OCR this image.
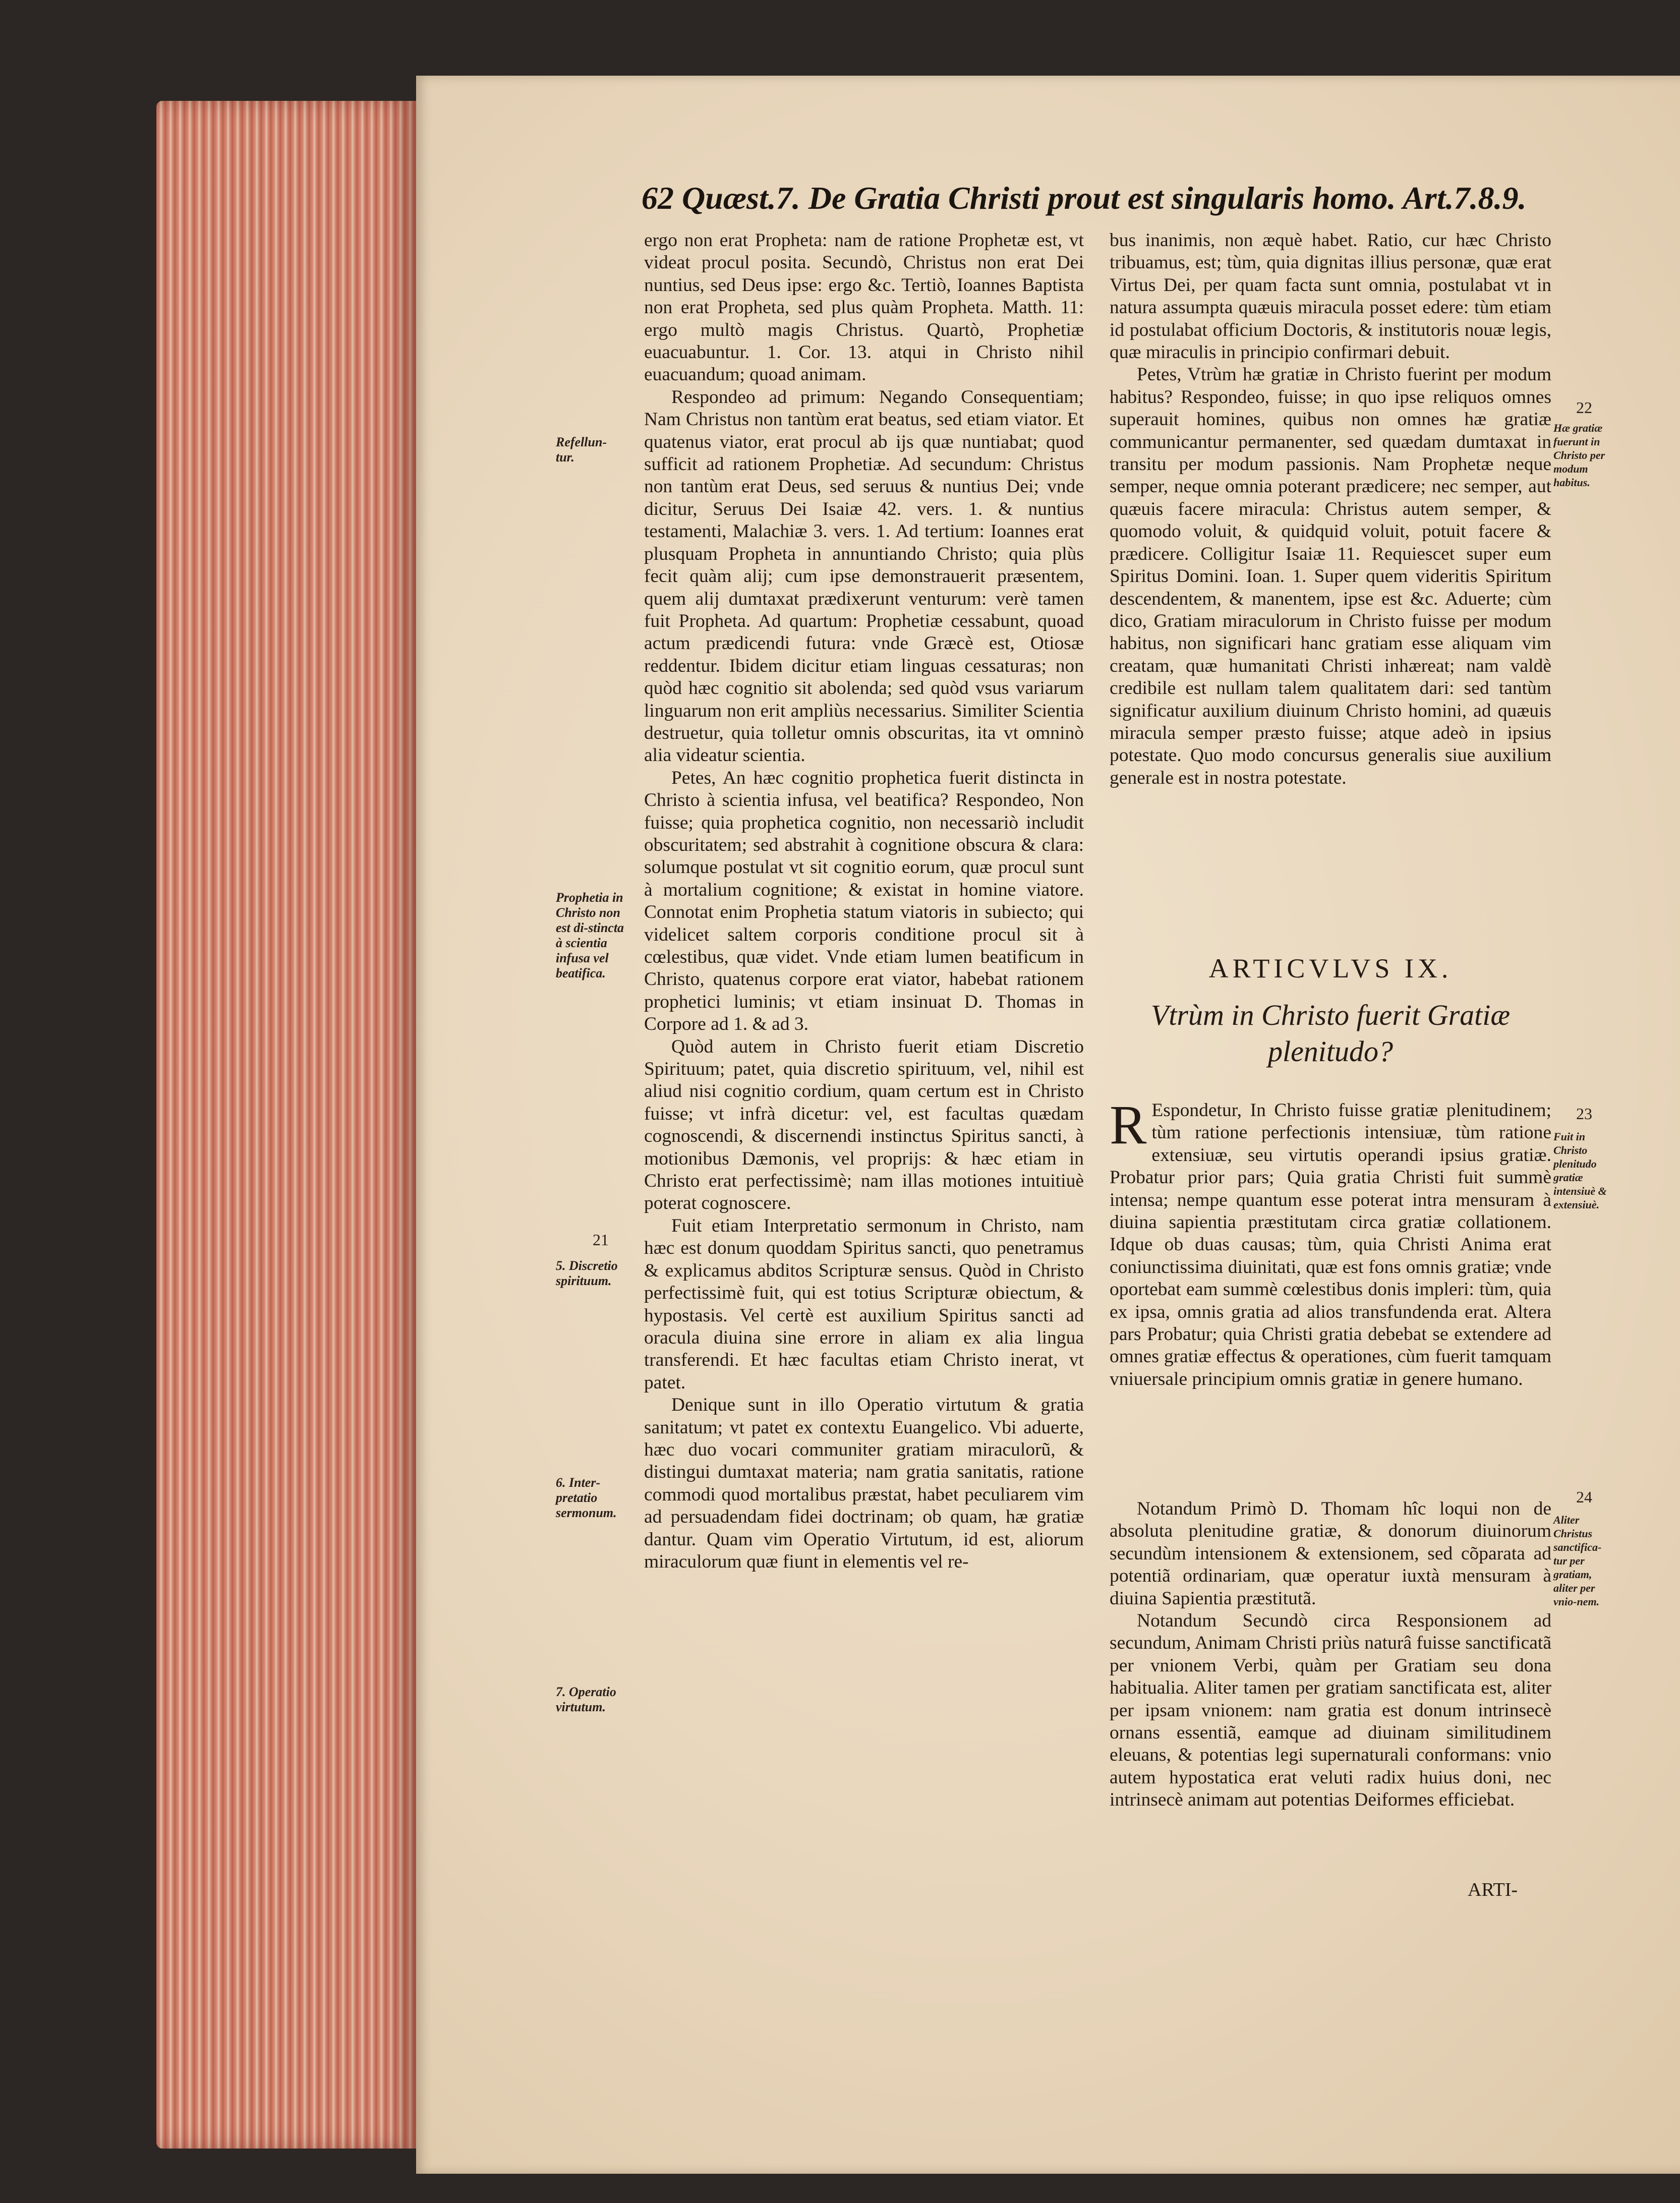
62 Quæst.7. De Gratia Christi prout est singularis homo. Art.7.8.9.

ergo non erat Propheta: nam de ratione Prophetæ est, vt videat procul posita. Secundò, Christus non erat Dei nuntius, sed Deus ipse: ergo &c. Tertiò, Ioannes Baptista non erat Propheta, sed plus quàm Propheta. Matth. 11: ergo multò magis Christus. Quartò, Prophetiæ euacuabuntur. 1. Cor. 13. atqui in Christo nihil euacuandum; quoad animam.

Respondeo ad primum: Negando Consequentiam; Nam Christus non tantùm erat beatus, sed etiam viator. Et quatenus viator, erat procul ab ijs quæ nuntiabat; quod sufficit ad rationem Prophetiæ. Ad secundum: Christus non tantùm erat Deus, sed seruus & nuntius Dei; vnde dicitur, Seruus Dei Isaiæ 42. vers. 1. & nuntius testamenti, Malachiæ 3. vers. 1. Ad tertium: Ioannes erat plusquam Propheta in annuntiando Christo; quia plùs fecit quàm alij; cum ipse demonstrauerit præsentem, quem alij dumtaxat prædixerunt venturum: verè tamen fuit Propheta. Ad quartum: Prophetiæ cessabunt, quoad actum prædicendi futura: vnde Græcè est, Otiosæ reddentur. Ibidem dicitur etiam linguas cessaturas; non quòd hæc cognitio sit abolenda; sed quòd vsus variarum linguarum non erit ampliùs necessarius. Similiter Scientia destruetur, quia tolletur omnis obscuritas, ita vt omninò alia videatur scientia.

Petes, An hæc cognitio prophetica fuerit distincta in Christo à scientia infusa, vel beatifica? Respondeo, Non fuisse; quia prophetica cognitio, non necessariò includit obscuritatem; sed abstrahit à cognitione obscura & clara: solumque postulat vt sit cognitio eorum, quæ procul sunt à mortalium cognitione; & existat in homine viatore. Connotat enim Prophetia statum viatoris in subiecto; qui videlicet saltem corporis conditione procul sit à cœlestibus, quæ videt. Vnde etiam lumen beatificum in Christo, quatenus corpore erat viator, habebat rationem prophetici luminis; vt etiam insinuat D. Thomas in Corpore ad 1. & ad 3.

Quòd autem in Christo fuerit etiam Discretio Spirituum; patet, quia discretio spirituum, vel, nihil est aliud nisi cognitio cordium, quam certum est in Christo fuisse; vt infrà dicetur: vel, est facultas quædam cognoscendi, & discernendi instinctus Spiritus sancti, à motionibus Dæmonis, vel proprijs: & hæc etiam in Christo erat perfectissimè; nam illas motiones intuitiuè poterat cognoscere.

Fuit etiam Interpretatio sermonum in Christo, nam hæc est donum quoddam Spiritus sancti, quo penetramus & explicamus abditos Scripturæ sensus. Quòd in Christo perfectissimè fuit, qui est totius Scripturæ obiectum, & hypostasis. Vel certè est auxilium Spiritus sancti ad oracula diuina sine errore in aliam ex alia lingua transferendi. Et hæc facultas etiam Christo inerat, vt patet.

Denique sunt in illo Operatio virtutum & gratia sanitatum; vt patet ex contextu Euangelico. Vbi aduerte, hæc duo vocari communiter gratiam miraculorũ, & distingui dumtaxat materia; nam gratia sanitatis, ratione commodi quod mortalibus præstat, habet peculiarem vim ad persuadendam fidei doctrinam; ob quam, hæ gratiæ dantur. Quam vim Operatio Virtutum, id est, aliorum miraculorum quæ fiunt in elementis vel re-

bus inanimis, non æquè habet. Ratio, cur hæc Christo tribuamus, est; tùm, quia dignitas illius personæ, quæ erat Virtus Dei, per quam facta sunt omnia, postulabat vt in natura assumpta quæuis miracula posset edere: tùm etiam id postulabat officium Doctoris, & institutoris nouæ legis, quæ miraculis in principio confirmari debuit.

Petes, Vtrùm hæ gratiæ in Christo fuerint per modum habitus? Respondeo, fuisse; in quo ipse reliquos omnes superauit homines, quibus non omnes hæ gratiæ communicantur permanenter, sed quædam dumtaxat in transitu per modum passionis. Nam Prophetæ neque semper, neque omnia poterant prædicere; nec semper, aut quæuis facere miracula: Christus autem semper, & quomodo voluit, & quidquid voluit, potuit facere & prædicere. Colligitur Isaiæ 11. Requiescet super eum Spiritus Domini. Ioan. 1. Super quem videritis Spiritum descendentem, & manentem, ipse est &c. Aduerte; cùm dico, Gratiam miraculorum in Christo fuisse per modum habitus, non significari hanc gratiam esse aliquam vim creatam, quæ humanitati Christi inhæreat; nam valdè credibile est nullam talem qualitatem dari: sed tantùm significatur auxilium diuinum Christo homini, ad quæuis miracula semper præsto fuisse; atque adeò in ipsius potestate. Quo modo concursus generalis siue auxilium generale est in nostra potestate.

ARTICVLVS IX.

Vtrùm in Christo fuerit Gratiæ plenitudo?

R Espondetur, In Christo fuisse gratiæ plenitudinem; tùm ratione perfectionis intensiuæ, tùm ratione extensiuæ, seu virtutis operandi ipsius gratiæ. Probatur prior pars; Quia gratia Christi fuit summè intensa; nempe quantum esse poterat intra mensuram à diuina sapientia præstitutam circa gratiæ collationem. Idque ob duas causas; tùm, quia Christi Anima erat coniunctissima diuinitati, quæ est fons omnis gratiæ; vnde oportebat eam summè cœlestibus donis impleri: tùm, quia ex ipsa, omnis gratia ad alios transfundenda erat. Altera pars Probatur; quia Christi gratia debebat se extendere ad omnes gratiæ effectus & operationes, cùm fuerit tamquam vniuersale principium omnis gratiæ in genere humano.

Notandum Primò D. Thomam hîc loqui non de absoluta plenitudine gratiæ, & donorum diuinorum secundùm intensionem & extensionem, sed cõparata ad potentiã ordinariam, quæ operatur iuxtà mensuram à diuina Sapientia præstitutã.

Notandum Secundò circa Responsionem ad secundum, Animam Christi priùs naturâ fuisse sanctificatã per vnionem Verbi, quàm per Gratiam seu dona habitualia. Aliter tamen per gratiam sanctificata est, aliter per ipsam vnionem: nam gratia est donum intrinsecè ornans essentiã, eamque ad diuinam similitudinem eleuans, & potentias legi supernaturali conformans: vnio autem hypostatica erat veluti radix huius doni, nec intrinsecè animam aut potentias Deiformes efficiebat.

Refellun-tur.
Prophetia in Christo non est di-stincta à scientia infusa vel beatifica.
21
5. Discretio spirituum.
6. Inter-pretatio sermonum.
7. Operatio virtutum.
22
Hæ gratiæ fuerunt in Christo per modum habitus.
23
Fuit in Christo plenitudo gratiæ intensiuè & extensiuè.
24
Aliter Christus sanctifica-tur per gratiam, aliter per vnio-nem.
ARTI-
